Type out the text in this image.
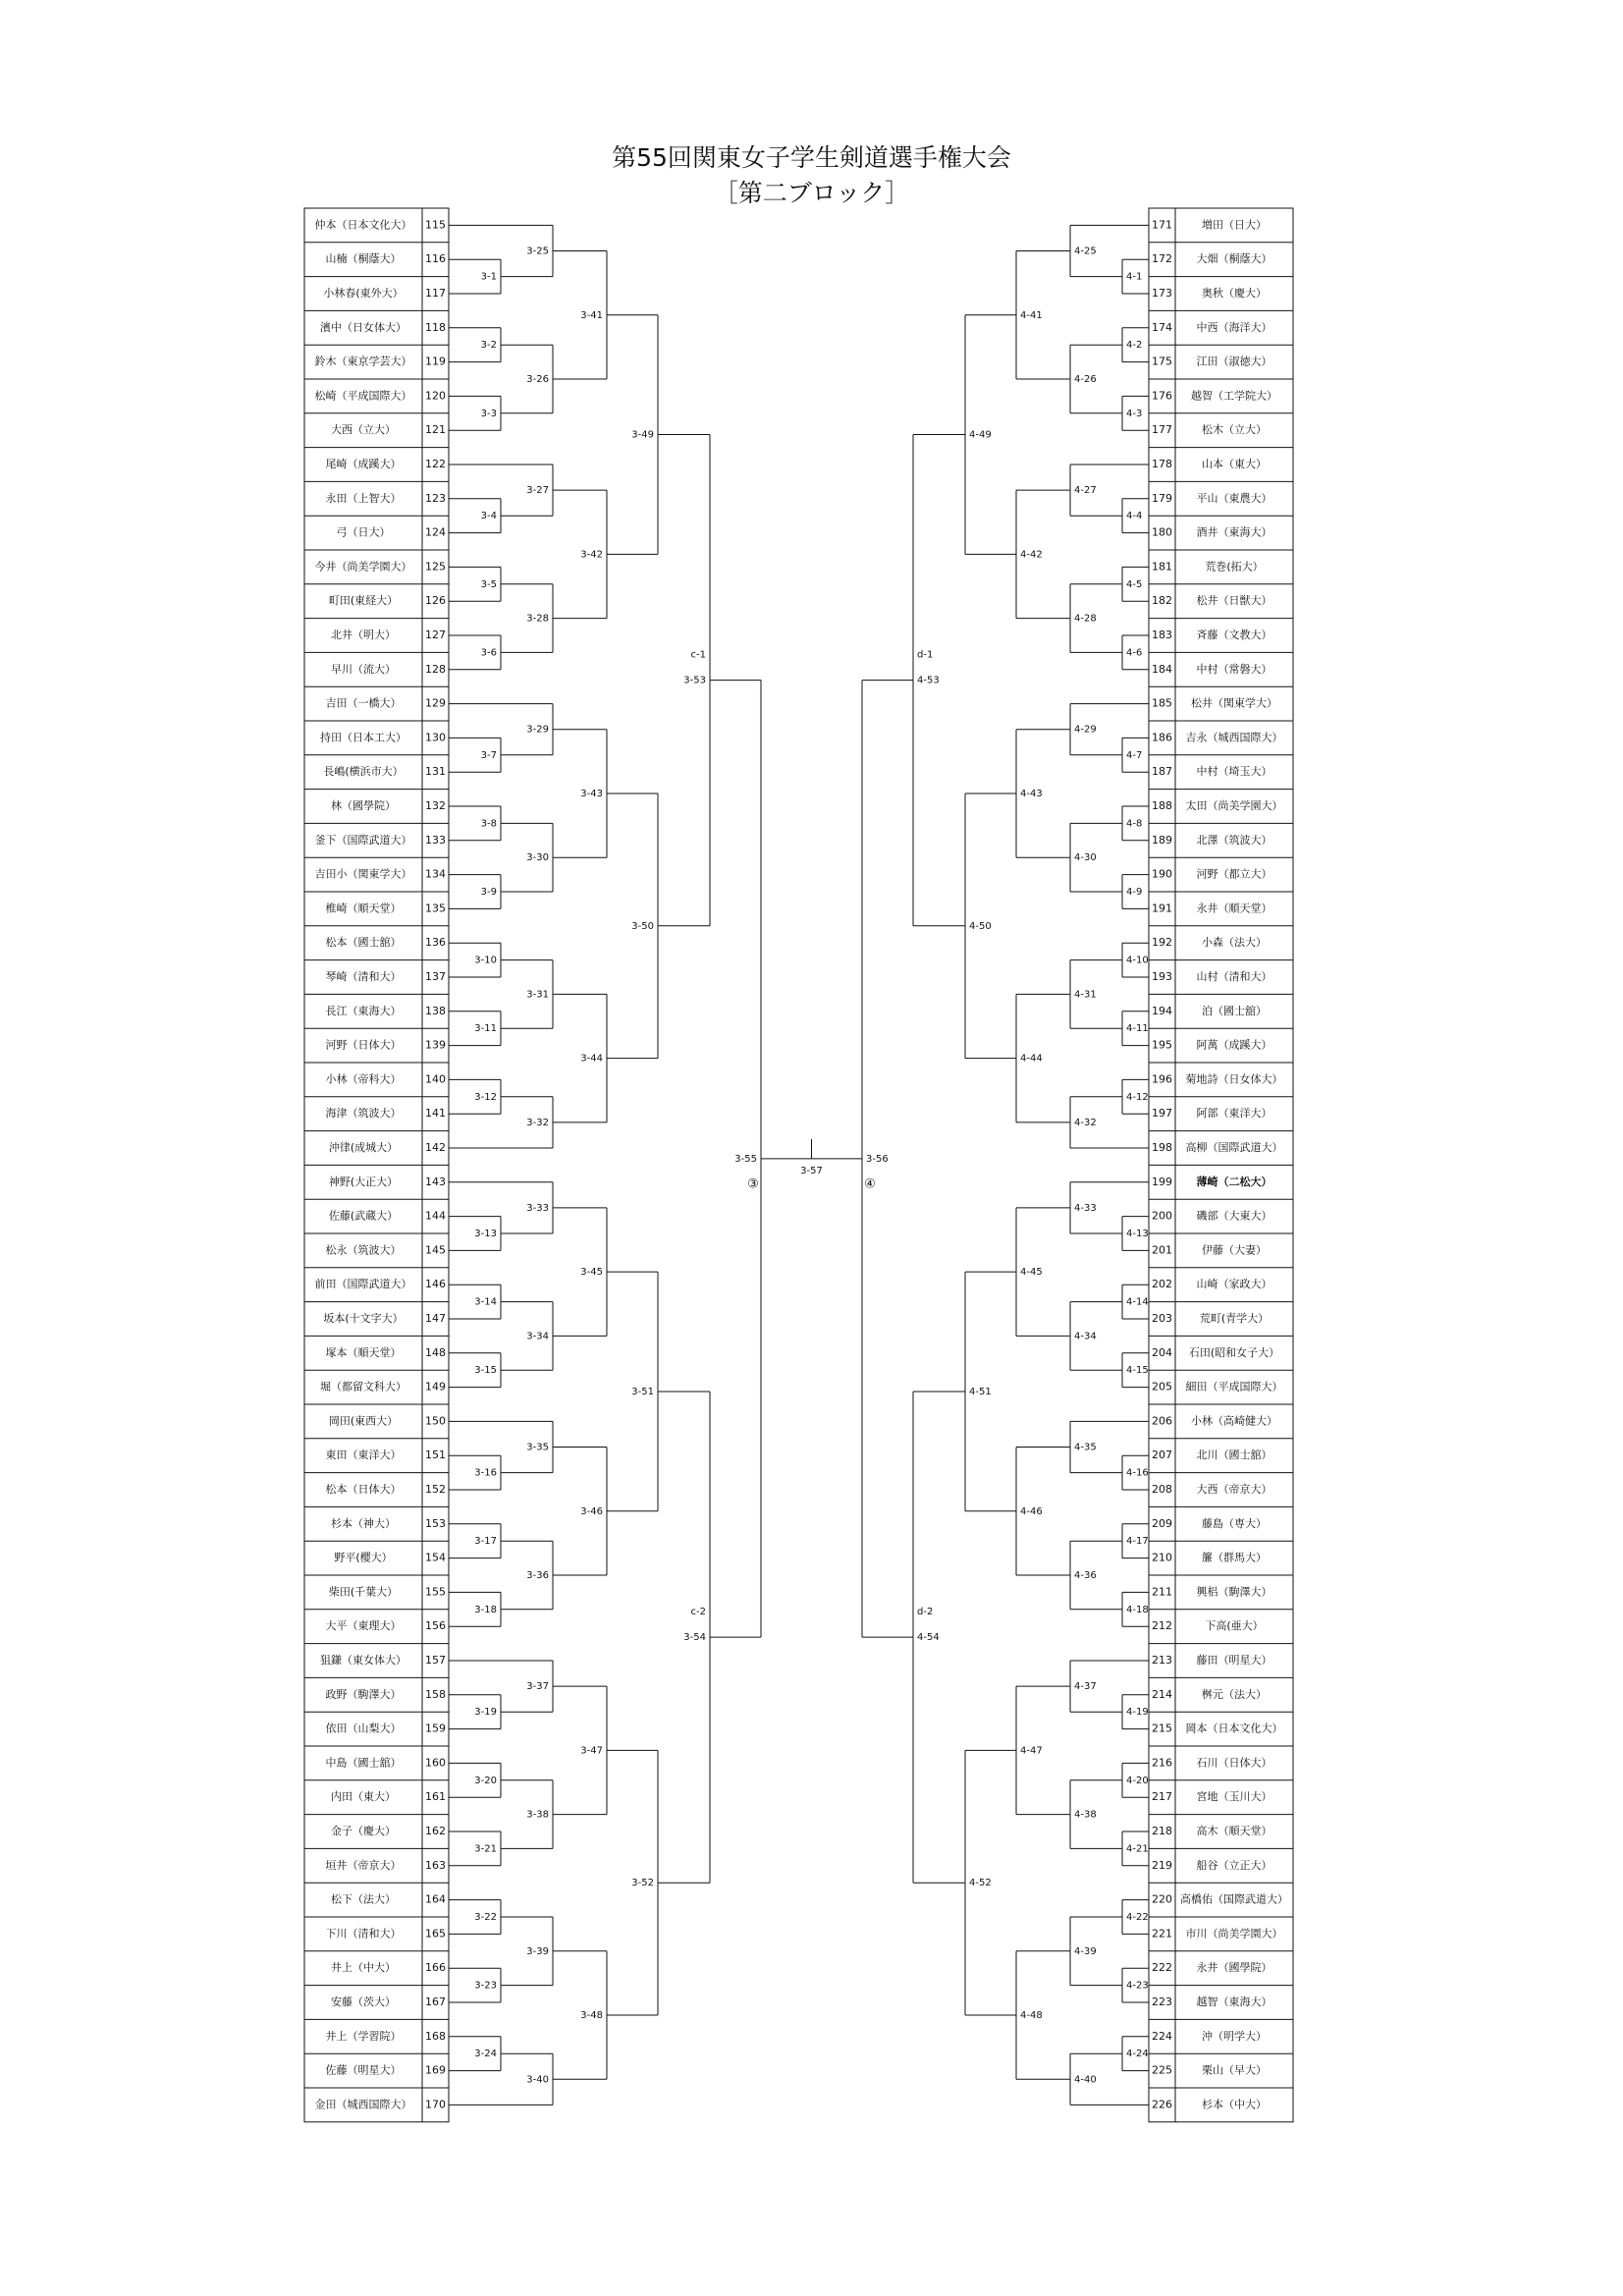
第55回関東女子学生剣道選手権大会
［第二ブロック］
仲本（日本文化大） 115
山楠（桐蔭大） 116
小林春(東外大） 117
濱中（日女体大） 118
鈴木（東京学芸大） 119
松崎（平成国際大） 120
大西（立大）	121
尾崎（成蹊大） 122
永田（上智大） 123
弓（日大）	124
今井（尚美学園大） 125
町田(東経大）	126
北井（明大）	127
早川（流大）	128
吉田（一橋大） 129
持田（日本工大） 130
長嶋(横浜市大） 131
林（國學院）	132
釜下（国際武道大） 133
吉田小（関東学大） 134
椎崎（順天堂） 135
松本（國士舘） 136
琴崎（清和大） 137
長江（東海大） 138
河野（日体大） 139
小林（帝科大） 140
海津（筑波大） 141
沖律(成城大）	142
神野(大正大）	143
佐藤(武蔵大）	144
松永（筑波大） 145
前田（国際武道大） 146
坂本(十文字大） 147
塚本（順天堂） 148
堀（都留文科大） 149
岡田(東西大）	150
東田（東洋大） 151
松本（日体大） 152
杉本（神大）	153
野平(櫻大）	154
柴田(千葉大）	155
大平（東理大） 156
狙鎌（東女体大） 157
政野（駒澤大） 158
依田（山梨大） 159
中島（國士舘） 160
内田（東大）	161
金子（慶大）	162
垣井（帝京大） 163
松下（法大）	164
下川（清和大） 165
井上（中大）	166
安藤（茨大）	167
井上（学習院） 168
佐藤（明星大） 169
金田（城西国際大） 170
171	増田（日大）
172 大畑（桐蔭大）
173	奥秋（慶大）
174 中西（海洋大）
175 江田（淑徳大）
176 越智（工学院大）
177	松木（立大）
178	山本（東大）
179 平山（東農大）
180 酒井（東海大）
181	荒巻(拓大）
182 松井（日獣大）
183 斉藤（文教大）
184 中村（常磐大）
185 松井（関東学大）
186 吉永（城西国際大）
187 中村（埼玉大）
188 太田（尚美学園大）
189 北澤（筑波大）
190 河野（都立大）
191 永井（順天堂）
192	小森（法大）
193 山村（清和大）
194	泊（國士舘）
195 阿萬（成蹊大）
196 菊地詩（日女体大）
197 阿部（東洋大）
198 高柳（国際武道大）
199 薄崎（二松大）
200 磯部（大東大）
201	伊藤（大妻）
202 山崎（家政大）
203	荒町(青学大）
204 石田(昭和女子大）
205 細田（平成国際大）
206 小林（高崎健大）
207 北川（國士舘）
208 大西（帝京大）
209	藤島（専大）
210	簾（群馬大）
211 興梠（駒澤大）
212	下高(亜大）
213 藤田（明星大）
214	桝元（法大）
215 岡本（日本文化大）
216 石川（日体大）
217 宮地（玉川大）
218 高木（順天堂）
219 船谷（立正大）
220 高橋佑（国際武道大）
221 市川（尚美学園大）
222 永井（國學院）
223 越智（東海大）
224	沖（明学大）
225	栗山（早大）
226	杉本（中大）
3-1
3-2
3-3
3-4
3-5
3-6
3-7
3-8
3-9
3-10
3-11
3-12
3-13
3-14
3-15
3-16
3-17
3-18
3-19
3-20
3-21
3-22
3-23
3-24
3-25
3-26
3-27
3-28
3-29
3-30
3-31
3-32
3-33
3-34
3-35
3-36
3-37
3-38
3-39
3-40
3-41
3-42
3-43
3-44
3-45
3-46
3-47
3-48
3-49
3-50
3-51
3-52
3-53
c-1
3-54
c-2
3-55
③
4-1
4-2
4-3
4-4
4-5
4-6
4-7
4-8
4-9
4-10
4-11
4-12
4-13
4-14
4-15
4-16
4-17
4-18
4-19
4-20
4-21
4-22
4-23
4-24
4-25
4-26
4-27
4-28
4-29
4-30
4-31
4-32
4-33
4-34
4-35
4-36
4-37
4-38
4-39
4-40
4-41
4-42
4-43
4-44
4-45
4-46
4-47
4-48
4-49
4-50
4-51
4-52
4-53
d-1
4-54
d-2
3-56
④
3-57
